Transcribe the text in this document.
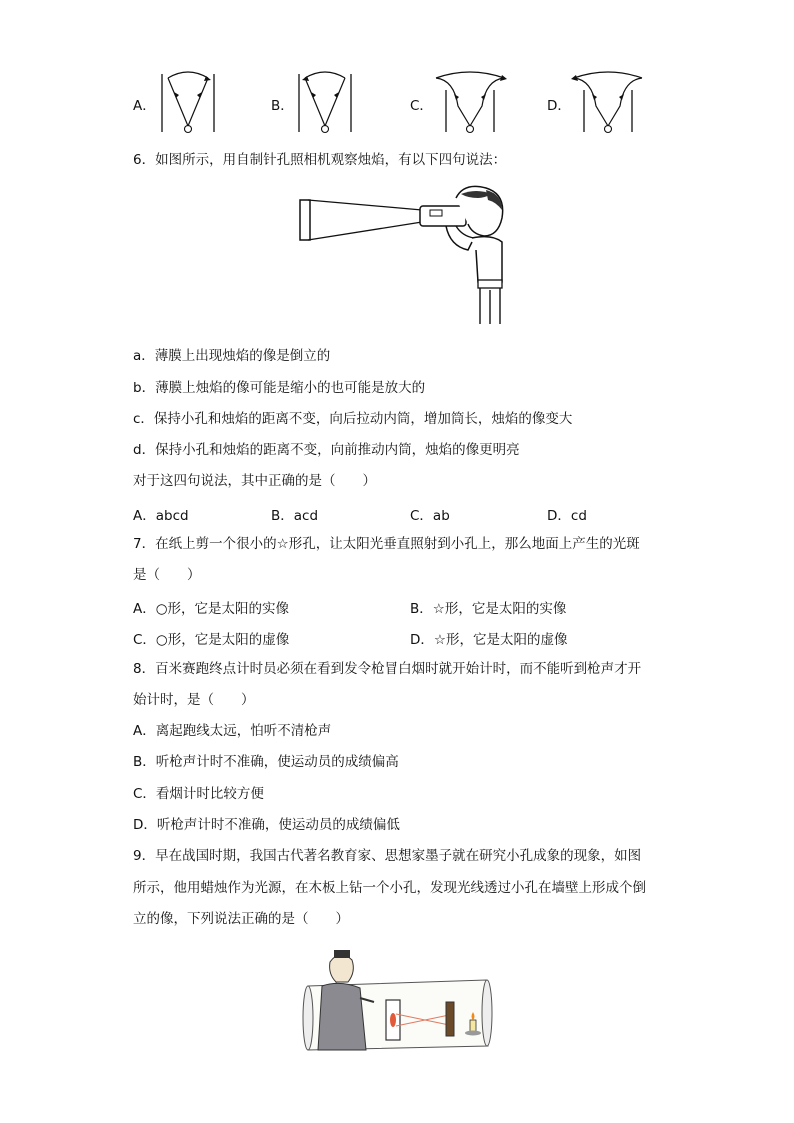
A．	B．	C．	D．
6．如图所示，用自制针孔照相机观察烛焰，有以下四句说法：
a．薄膜上出现烛焰的像是倒立的
b．薄膜上烛焰的像可能是缩小的也可能是放大的
c．保持小孔和烛焰的距离不变，向后拉动内筒，增加筒长，烛焰的像变大
d．保持小孔和烛焰的距离不变，向前推动内筒，烛焰的像更明亮
对于这四句说法，其中正确的是（　　）
A．abcd	B．acd	C．ab	D．cd
7．在纸上剪一个很小的☆形孔，让太阳光垂直照射到小孔上，那么地面上产生的光斑
是（　　）
A．○形，它是太阳的实像	B．☆形，它是太阳的实像
C．○形，它是太阳的虚像	D．☆形，它是太阳的虚像
8．百米赛跑终点计时员必须在看到发令枪冒白烟时就开始计时，而不能听到枪声才开
始计时，是（　　）
A．离起跑线太远，怕听不清枪声
B．听枪声计时不准确，使运动员的成绩偏高
C．看烟计时比较方便
D．听枪声计时不准确，使运动员的成绩偏低
9．早在战国时期，我国古代著名教育家、思想家墨子就在研究小孔成象的现象，如图
所示，他用蜡烛作为光源，在木板上钻一个小孔，发现光线透过小孔在墙壁上形成个倒
立的像，下列说法正确的是（　　）
